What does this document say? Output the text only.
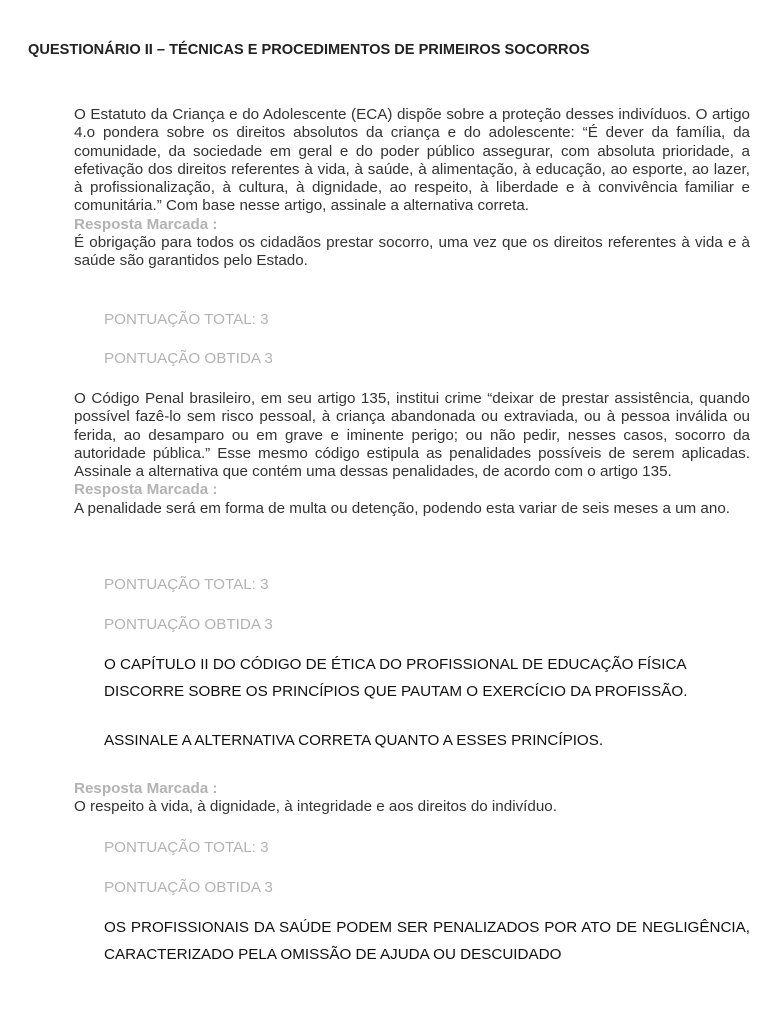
QUESTIONÁRIO II – TÉCNICAS E PROCEDIMENTOS DE PRIMEIROS SOCORROS

O Estatuto da Criança e do Adolescente (ECA) dispõe sobre a proteção desses indivíduos. O artigo 4.o pondera sobre os direitos absolutos da criança e do adolescente: “É dever da família, da comunidade, da sociedade em geral e do poder público assegurar, com absoluta prioridade, a efetivação dos direitos referentes à vida, à saúde, à alimentação, à educação, ao esporte, ao lazer, à profissionalização, à cultura, à dignidade, ao respeito, à liberdade e à convivência familiar e comunitária.” Com base nesse artigo, assinale a alternativa correta.

Resposta Marcada :

É obrigação para todos os cidadãos prestar socorro, uma vez que os direitos referentes à vida e à saúde são garantidos pelo Estado.

PONTUAÇÃO TOTAL: 3
PONTUAÇÃO OBTIDA 3

O Código Penal brasileiro, em seu artigo 135, institui crime “deixar de prestar assistência, quando possível fazê-lo sem risco pessoal, à criança abandonada ou extraviada, ou à pessoa inválida ou ferida, ao desamparo ou em grave e iminente perigo; ou não pedir, nesses casos, socorro da autoridade pública.” Esse mesmo código estipula as penalidades possíveis de serem aplicadas. Assinale a alternativa que contém uma dessas penalidades, de acordo com o artigo 135.

Resposta Marcada :

A penalidade será em forma de multa ou detenção, podendo esta variar de seis meses a um ano.

PONTUAÇÃO TOTAL: 3
PONTUAÇÃO OBTIDA 3

O CAPÍTULO II DO CÓDIGO DE ÉTICA DO PROFISSIONAL DE EDUCAÇÃO FÍSICA DISCORRE SOBRE OS PRINCÍPIOS QUE PAUTAM O EXERCÍCIO DA PROFISSÃO.

ASSINALE A ALTERNATIVA CORRETA QUANTO A ESSES PRINCÍPIOS.

Resposta Marcada :

O respeito à vida, à dignidade, à integridade e aos direitos do indivíduo.

PONTUAÇÃO TOTAL: 3
PONTUAÇÃO OBTIDA 3

OS PROFISSIONAIS DA SAÚDE PODEM SER PENALIZADOS POR ATO DE NEGLIGÊNCIA, CARACTERIZADO PELA OMISSÃO DE AJUDA OU DESCUIDADO
